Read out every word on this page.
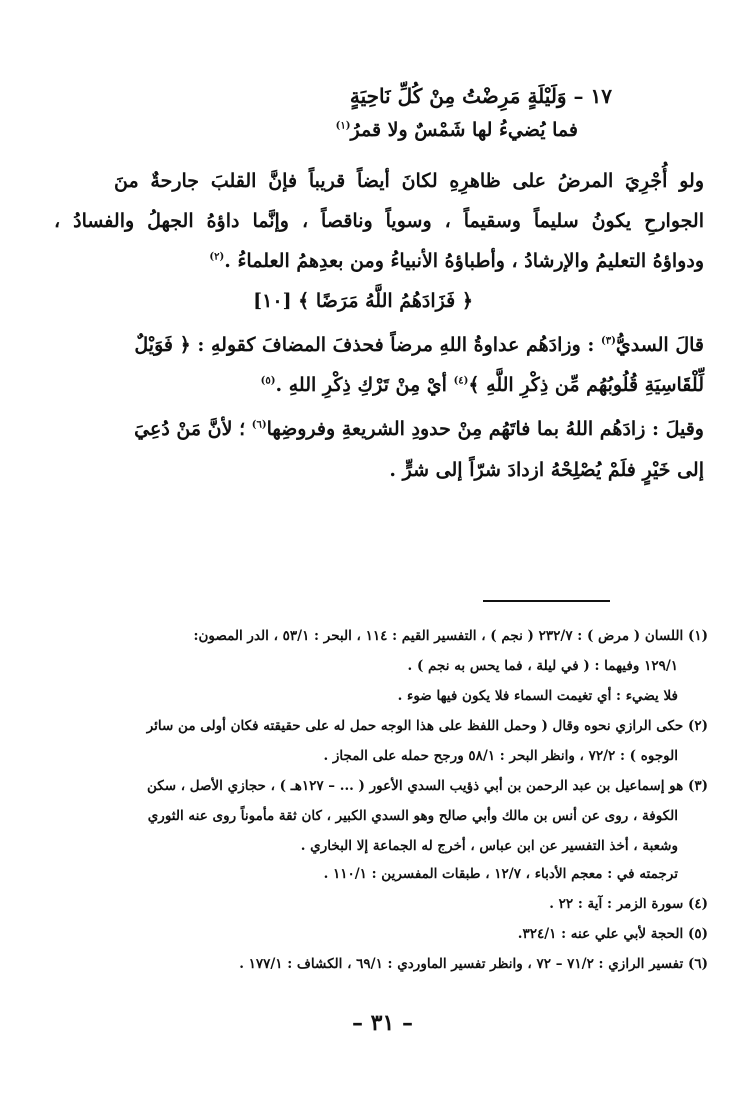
١٧ – وَلَيْلَةٍ مَرِضْتُ مِنْ كُلِّ نَاحِيَةٍ
فما يُضيءُ لها شَمْسٌ ولا قمرُ$^{(١)}$
ولو أُجْرِيَ المرضُ على ظاهرِهِ لكانَ أيضاً قريباً فإنَّ القلبَ جارحةٌ منَ
الجوارحِ يكونُ سليماً وسقيماً ، وسوياً وناقصاً ، وإنَّما داؤهُ الجهلُ والفسادُ ،
ودواؤهُ التعليمُ والإرشادُ ، وأطباؤهُ الأنبياءُ ومن بعدِهمُ العلماءُ .$^{(٢)}$
﴿ فَزَادَهُمُ اللَّهُ مَرَضًا ﴾ [١٠]
قالَ السديُّ$^{(٣)}$ : وزادَهُم عداوةُ اللهِ مرضاً فحذفَ المضافَ كقولهِ : ﴿ فَوَيْلٌ
لِّلْقَاسِيَةِ قُلُوبُهُم مِّن ذِكْرِ اللَّهِ ﴾$^{(٤)}$ أيْ مِنْ تَرْكِ ذِكْرِ اللهِ .$^{(٥)}$
وقيلَ : زادَهُم اللهُ بما فاتَهُم مِنْ حدودِ الشريعةِ وفروضِها$^{(٦)}$ ؛ لأنَّ مَنْ دُعِيَ
إلى خَيْرٍ فلَمْ يُصْلِحْهُ ازدادَ شرّاً إلى شرٍّ .
(١) اللسان ( مرض ) : ٢٣٢/٧ ( نجم ) ، التفسير القيم : ١١٤ ، البحر : ٥٣/١ ، الدر المصون:
١٢٩/١ وفيهما : ( في ليلة ، فما يحس به نجم ) .
فلا يضيء : أي تغيمت السماء فلا يكون فيها ضوء .
(٢) حكى الرازي نحوه وقال ( وحمل اللفظ على هذا الوجه حمل له على حقيقته فكان أولى من سائر
الوجوه ) : ٧٢/٢ ، وانظر البحر : ٥٨/١ ورجح حمله على المجاز .
(٣) هو إسماعيل بن عبد الرحمن بن أبي ذؤيب السدي الأعور ( ... – ١٢٧هـ ) ، حجازي الأصل ، سكن
الكوفة ، روى عن أنس بن مالك وأبي صالح وهو السدي الكبير ، كان ثقة مأموناً روى عنه الثوري
وشعبة ، أخذ التفسير عن ابن عباس ، أخرج له الجماعة إلا البخاري .
ترجمته في : معجم الأدباء ، ١٢/٧ ، طبقات المفسرين : ١١٠/١ .
(٤) سورة الزمر : آية : ٢٢ .
(٥) الحجة لأبي علي عنه : ٣٢٤/١.
(٦) تفسير الرازي : ٧١/٢ – ٧٢ ، وانظر تفسير الماوردي : ٦٩/١ ، الكشاف : ١٧٧/١ .
– ٣١ –
